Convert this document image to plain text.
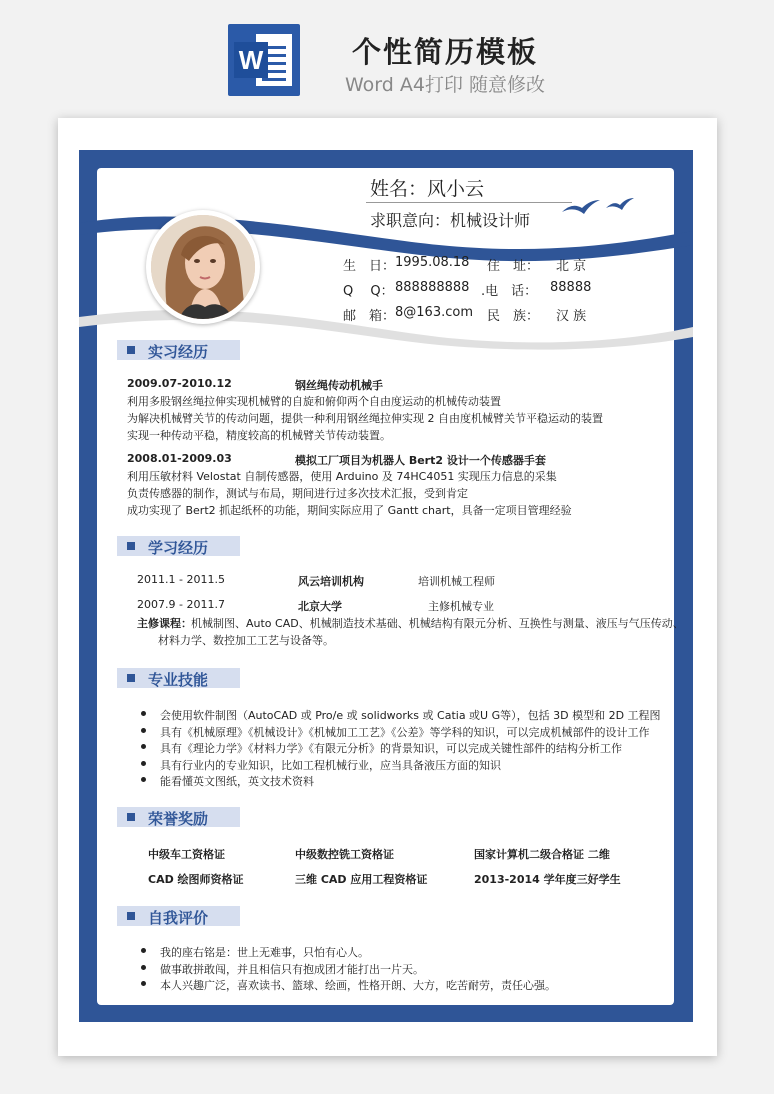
W	个性简历模板
Word A4打印 随意修改
姓名：风小云
求职意向：机械设计师
生　日： 1995.08.18 住　址： 北 京
Q　 Q： 888888888 .电　话： 88888
邮　箱： 8@163.com 民　族： 汉 族
实习经历
2009.07-2010.12	钢丝绳传动机械手
利用多股钢丝绳拉伸实现机械臂的自旋和俯仰两个自由度运动的机械传动装置
为解决机械臂关节的传动问题，提供一种利用钢丝绳拉伸实现 2 自由度机械臂关节平稳运动的装置
实现一种传动平稳，精度较高的机械臂关节传动装置。
2008.01-2009.03	模拟工厂项目为机器人 Bert2 设计一个传感器手套
利用压敏材料 Velostat 自制传感器，使用 Arduino 及 74HC4051 实现压力信息的采集
负责传感器的制作，测试与布局，期间进行过多次技术汇报，受到肯定
成功实现了 Bert2 抓起纸杯的功能，期间实际应用了 Gantt chart，具备一定项目管理经验
学习经历
2011.1 - 2011.5	风云培训机构	培训机械工程师
2007.9 - 2011.7	北京大学	主修机械专业
主修课程： 机械制图、Auto CAD、机械制造技术基础、机械结构有限元分析、互换性与测量、液压与气压传动、
材料力学、数控加工工艺与设备等。
专业技能
会使用软件制图（AutoCAD 或 Pro/e 或 solidworks 或 Catia 或U G等），包括 3D 模型和 2D 工程图
具有《机械原理》《机械设计》《机械加工工艺》《公差》等学科的知识，可以完成机械部件的设计工作
具有《理论力学》《材料力学》《有限元分析》的背景知识，可以完成关键性部件的结构分析工作
具有行业内的专业知识，比如工程机械行业，应当具备液压方面的知识
能看懂英文图纸，英文技术资料
荣誉奖励
中级车工资格证	中级数控铣工资格证	国家计算机二级合格证 二维
CAD 绘图师资格证	三维 CAD 应用工程资格证	2013-2014 学年度三好学生
自我评价
我的座右铭是：世上无难事，只怕有心人。
做事敢拼敢闯，并且相信只有抱成团才能打出一片天。
本人兴趣广泛，喜欢读书、篮球、绘画，性格开朗、大方，吃苦耐劳，责任心强。
